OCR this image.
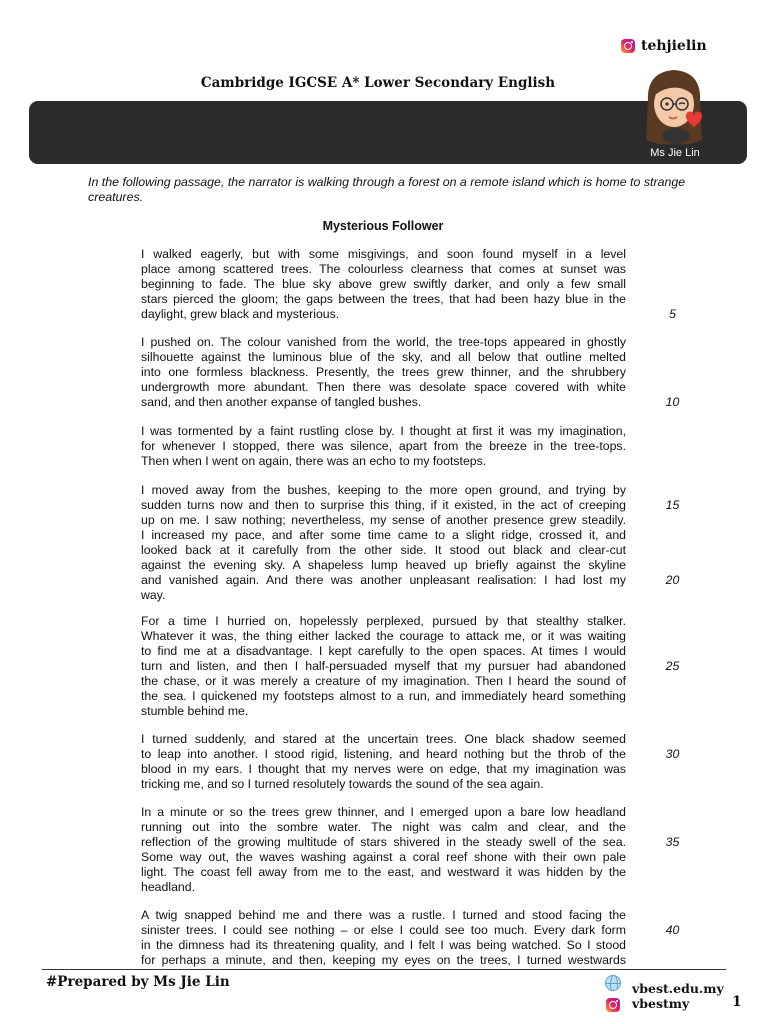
tehjielin
Cambridge IGCSE A* Lower Secondary English
Ms Jie Lin
In the following passage, the narrator is walking through a forest on a remote island which is home to strange creatures.
Mysterious Follower
I walked eagerly, but with some misgivings, and soon found myself in a level
place among scattered trees. The colourless clearness that comes at sunset was
beginning to fade. The blue sky above grew swiftly darker, and only a few small
stars pierced the gloom; the gaps between the trees, that had been hazy blue in the
daylight, grew black and mysterious.
I pushed on. The colour vanished from the world, the tree-tops appeared in ghostly
silhouette against the luminous blue of the sky, and all below that outline melted
into one formless blackness. Presently, the trees grew thinner, and the shrubbery
undergrowth more abundant. Then there was desolate space covered with white
sand, and then another expanse of tangled bushes.
I was tormented by a faint rustling close by. I thought at first it was my imagination,
for whenever I stopped, there was silence, apart from the breeze in the tree-tops.
Then when I went on again, there was an echo to my footsteps.
I moved away from the bushes, keeping to the more open ground, and trying by
sudden turns now and then to surprise this thing, if it existed, in the act of creeping
up on me. I saw nothing; nevertheless, my sense of another presence grew steadily.
I increased my pace, and after some time came to a slight ridge, crossed it, and
looked back at it carefully from the other side. It stood out black and clear-cut
against the evening sky. A shapeless lump heaved up briefly against the skyline
and vanished again. And there was another unpleasant realisation: I had lost my
way.
For a time I hurried on, hopelessly perplexed, pursued by that stealthy stalker.
Whatever it was, the thing either lacked the courage to attack me, or it was waiting
to find me at a disadvantage. I kept carefully to the open spaces. At times I would
turn and listen, and then I half-persuaded myself that my pursuer had abandoned
the chase, or it was merely a creature of my imagination. Then I heard the sound of
the sea. I quickened my footsteps almost to a run, and immediately heard something
stumble behind me.
I turned suddenly, and stared at the uncertain trees. One black shadow seemed
to leap into another. I stood rigid, listening, and heard nothing but the throb of the
blood in my ears. I thought that my nerves were on edge, that my imagination was
tricking me, and so I turned resolutely towards the sound of the sea again.
In a minute or so the trees grew thinner, and I emerged upon a bare low headland
running out into the sombre water. The night was calm and clear, and the
reflection of the growing multitude of stars shivered in the steady swell of the sea.
Some way out, the waves washing against a coral reef shone with their own pale
light. The coast fell away from me to the east, and westward it was hidden by the
headland.
A twig snapped behind me and there was a rustle. I turned and stood facing the
sinister trees. I could see nothing – or else I could see too much. Every dark form
in the dimness had its threatening quality, and I felt I was being watched. So I stood
for perhaps a minute, and then, keeping my eyes on the trees, I turned westwards
5
10
15
20
25
30
35
40
#Prepared by Ms Jie Lin	vbest.edu.my
vbestmy	1
